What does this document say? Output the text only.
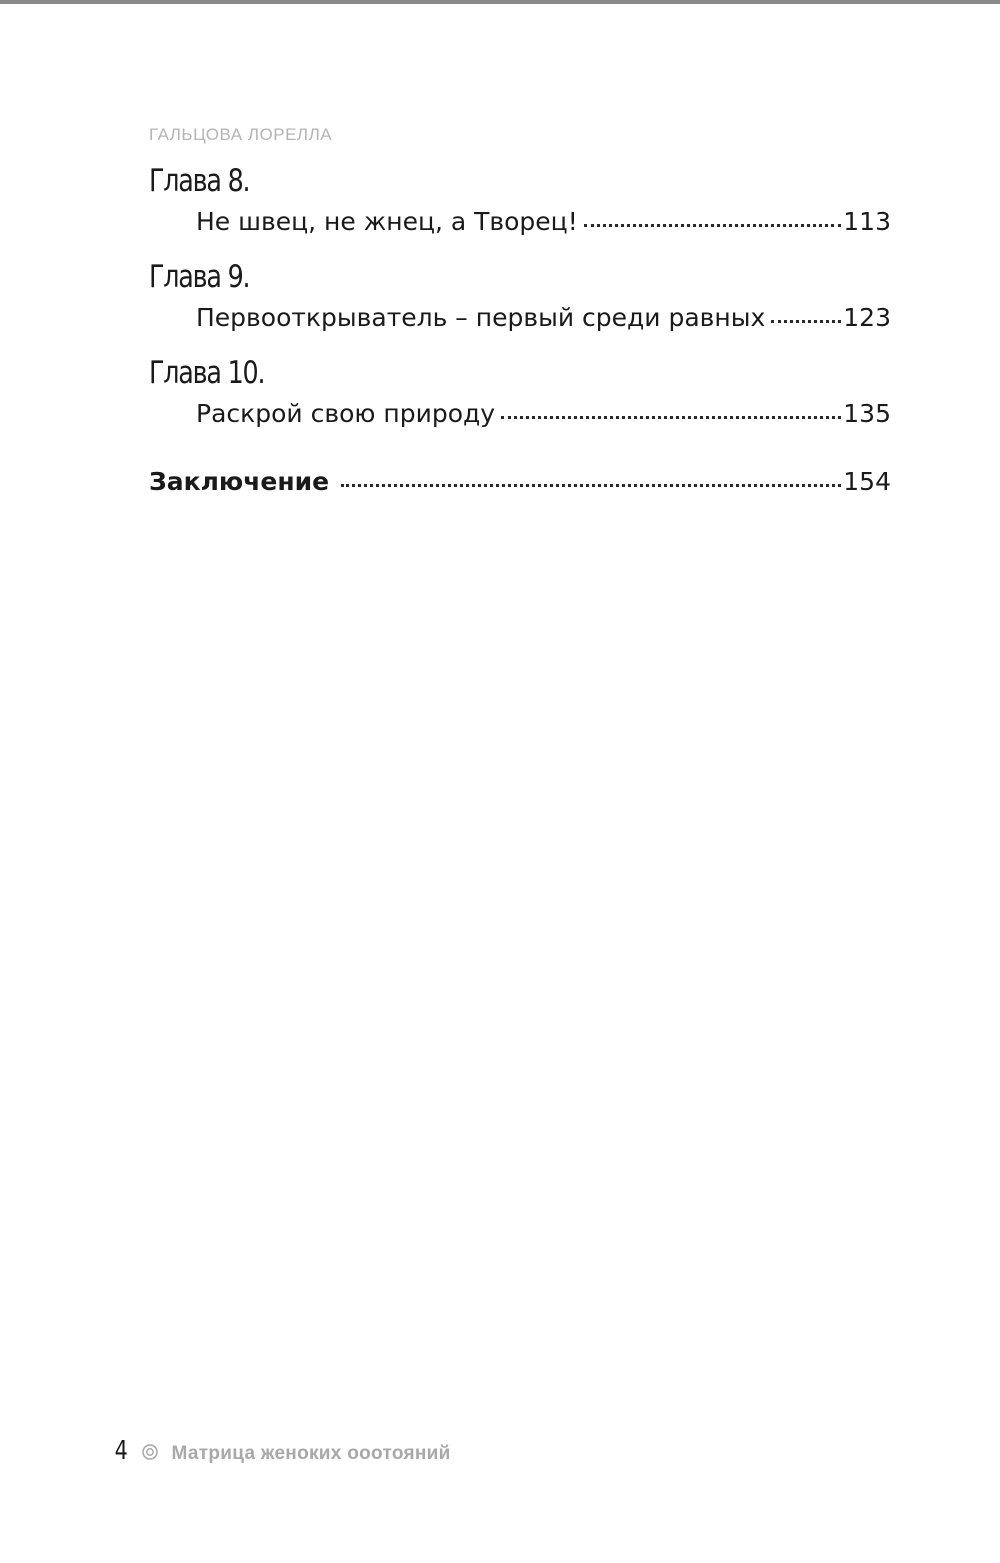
ГАЛЬЦОВА ЛОРЕЛЛА
Глава 8.
Не швец, не жнец, а Творец!	113
Глава 9.
Первооткрыватель – первый среди равных	123
Глава 10.
Раскрой свою природу	135
Заключение	154
4 Матрица женоких ооотояний
